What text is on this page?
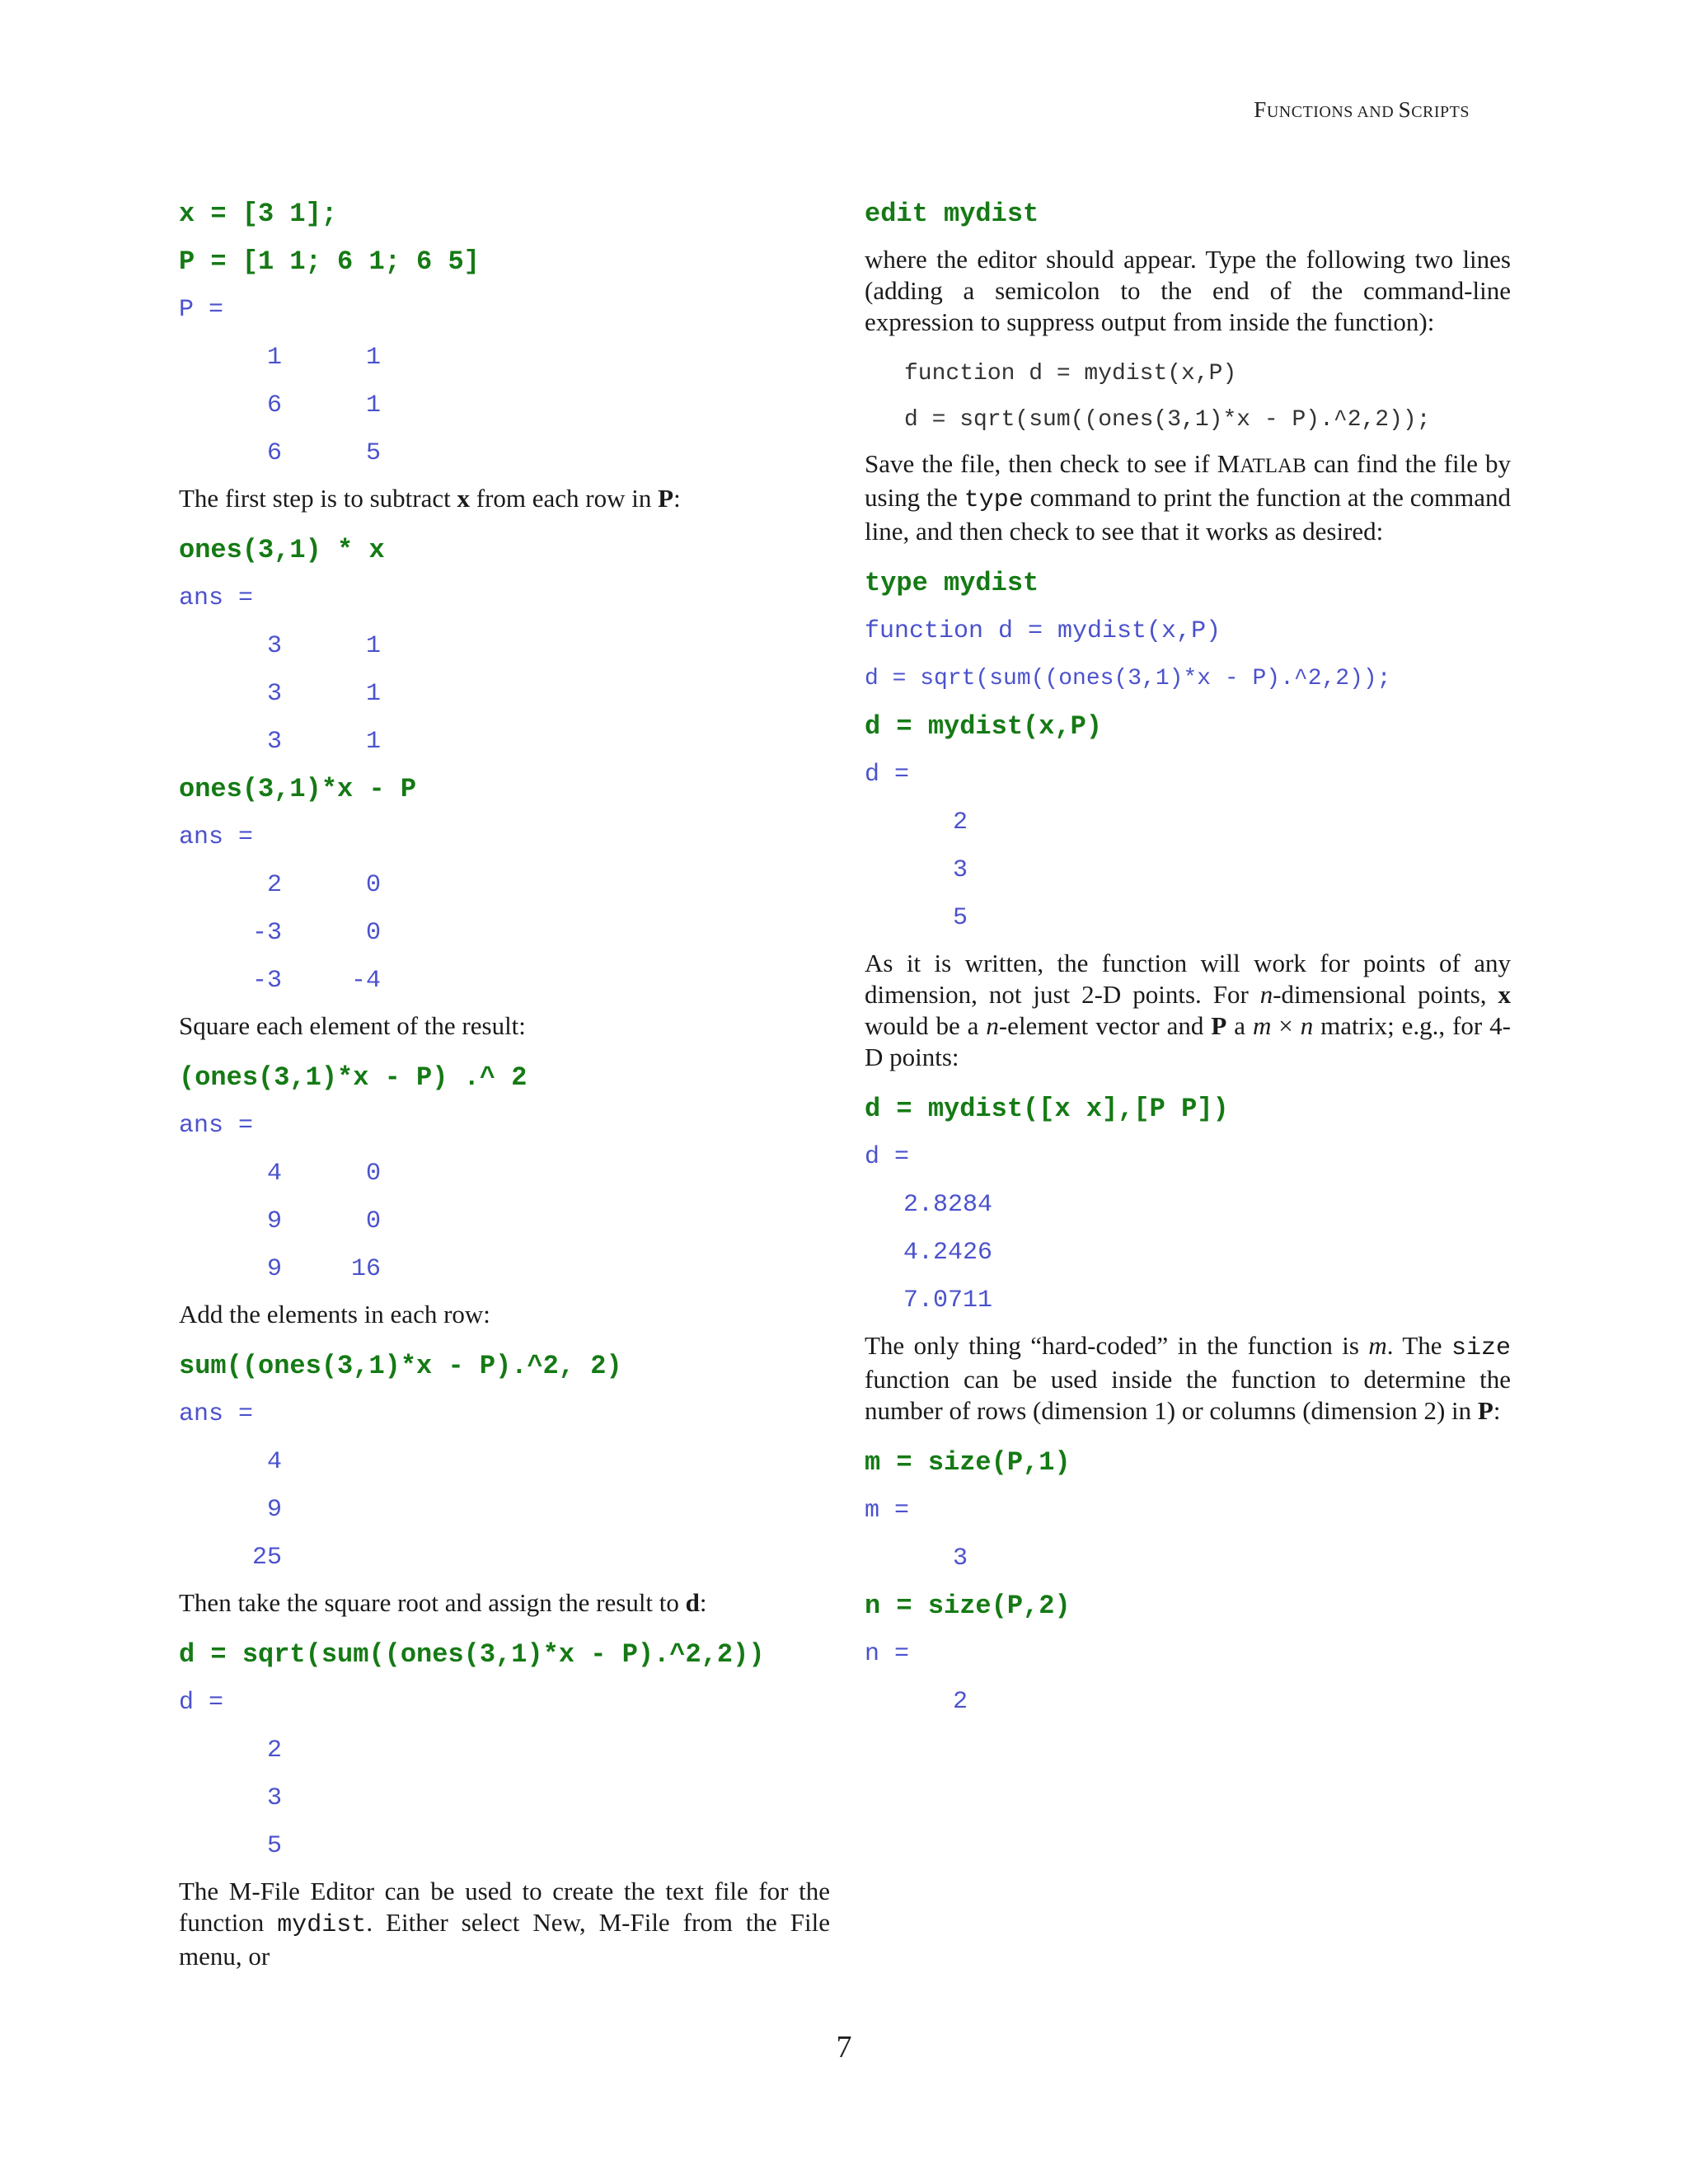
FUNCTIONS AND SCRIPTS
x = [3 1];
P = [1 1; 6 1; 6 5]
P =
1	1
6	1
6	5

The first step is to subtract x from each row in P:

ones(3,1) * x
ans =
3	1
3	1
3	1
ones(3,1)*x - P
ans =
2	0
-3	0
-3	-4

Square each element of the result:

(ones(3,1)*x - P) .^ 2
ans =
4	0
9	0
9	16

Add the elements in each row:

sum((ones(3,1)*x - P).^2, 2)
ans =
4
9
25

Then take the square root and assign the result to d:

d = sqrt(sum((ones(3,1)*x - P).^2,2))
d =
2
3
5

The M-File Editor can be used to create the text file for the function mydist. Either select New, M-File from the File menu, or

edit mydist

where the editor should appear. Type the following two lines (adding a semicolon to the end of the command-line expression to suppress output from inside the function):

function d = mydist(x,P)
d = sqrt(sum((ones(3,1)*x - P).^2,2));

Save the file, then check to see if MATLAB can find the file by using the type command to print the function at the command line, and then check to see that it works as desired:

type mydist
function d = mydist(x,P)
d = sqrt(sum((ones(3,1)*x - P).^2,2));
d = mydist(x,P)
d =
2
3
5

As it is written, the function will work for points of any dimension, not just 2-D points. For n-dimensional points, x would be a n-element vector and P a m × n matrix; e.g., for 4-D points:

d = mydist([x x],[P P])
d =
2.8284
4.2426
7.0711

The only thing “hard-coded” in the function is m. The size function can be used inside the function to determine the number of rows (dimension 1) or columns (dimension 2) in P:

m = size(P,1)
m =
3
n = size(P,2)
n =
2
7
